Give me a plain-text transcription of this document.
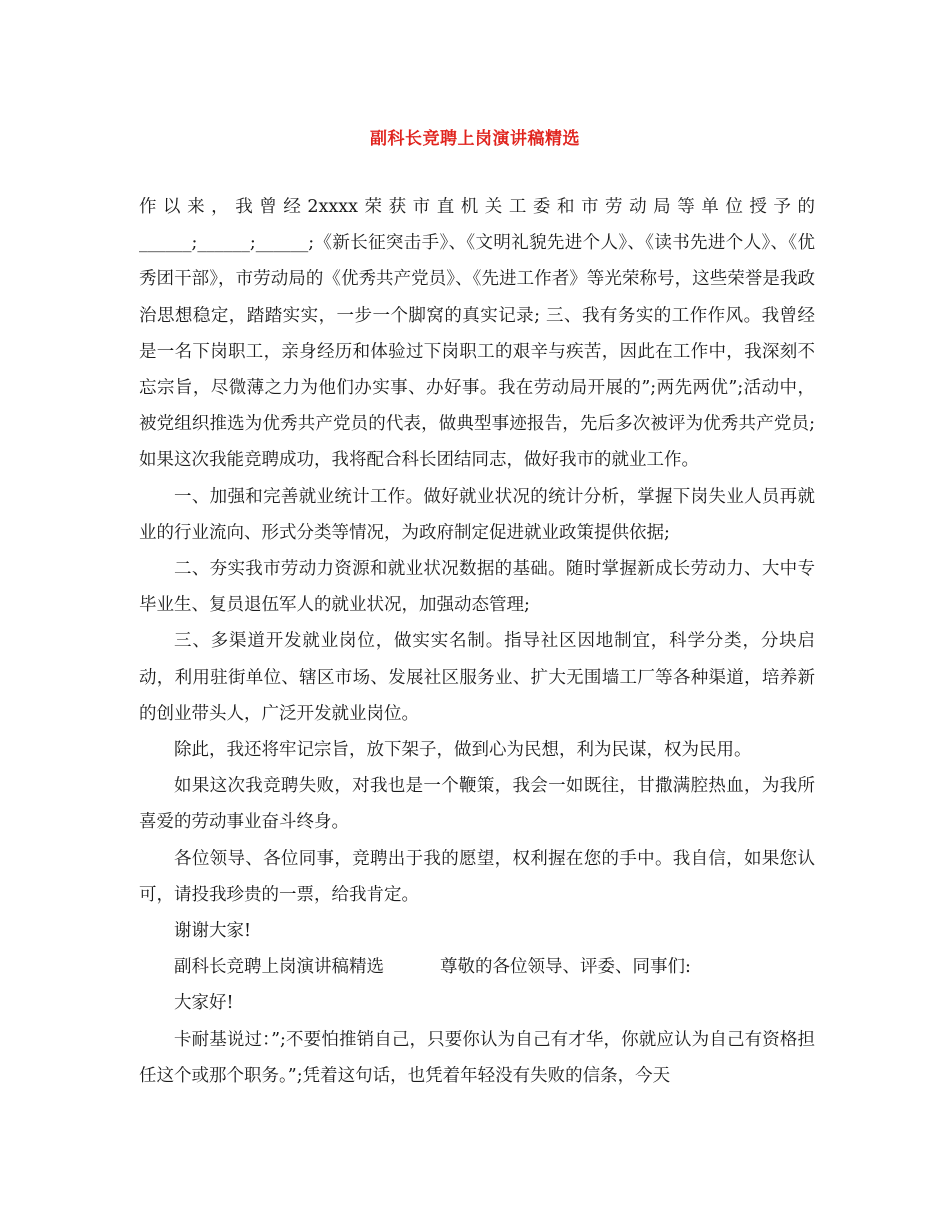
副科长竞聘上岗演讲稿精选

作以来，我曾经2xxxx荣获市直机关工委和市劳动局等单位授予的______;______;______;《新长征突击手》、《文明礼貌先进个人》、《读书先进个人》、《优秀团干部》，市劳动局的《优秀共产党员》、《先进工作者》等光荣称号，这些荣誉是我政治思想稳定，踏踏实实，一步一个脚窝的真实记录; 三、我有务实的工作作风。我曾经是一名下岗职工，亲身经历和体验过下岗职工的艰辛与疾苦，因此在工作中，我深刻不忘宗旨，尽微薄之力为他们办实事、办好事。我在劳动局开展的”;两先两优”;活动中，被党组织推选为优秀共产党员的代表，做典型事迹报告，先后多次被评为优秀共产党员; 如果这次我能竞聘成功，我将配合科长团结同志，做好我市的就业工作。

一、加强和完善就业统计工作。做好就业状况的统计分析，掌握下岗失业人员再就业的行业流向、形式分类等情况，为政府制定促进就业政策提供依据;

二、夯实我市劳动力资源和就业状况数据的基础。随时掌握新成长劳动力、大中专毕业生、复员退伍军人的就业状况，加强动态管理;

三、多渠道开发就业岗位，做实实名制。指导社区因地制宜，科学分类，分块启动，利用驻街单位、辖区市场、发展社区服务业、扩大无围墙工厂等各种渠道，培养新的创业带头人，广泛开发就业岗位。

除此，我还将牢记宗旨，放下架子，做到心为民想，利为民谋，权为民用。

如果这次我竞聘失败，对我也是一个鞭策，我会一如既往，甘撒满腔热血，为我所喜爱的劳动事业奋斗终身。

各位领导、各位同事，竞聘出于我的愿望，权利握在您的手中。我自信，如果您认可，请投我珍贵的一票，给我肯定。

谢谢大家!

副科长竞聘上岗演讲稿精选	尊敬的各位领导、评委、同事们:

大家好!

卡耐基说过：”;不要怕推销自己，只要你认为自己有才华，你就应认为自己有资格担任这个或那个职务。”;凭着这句话，也凭着年轻没有失败的信条，今天
